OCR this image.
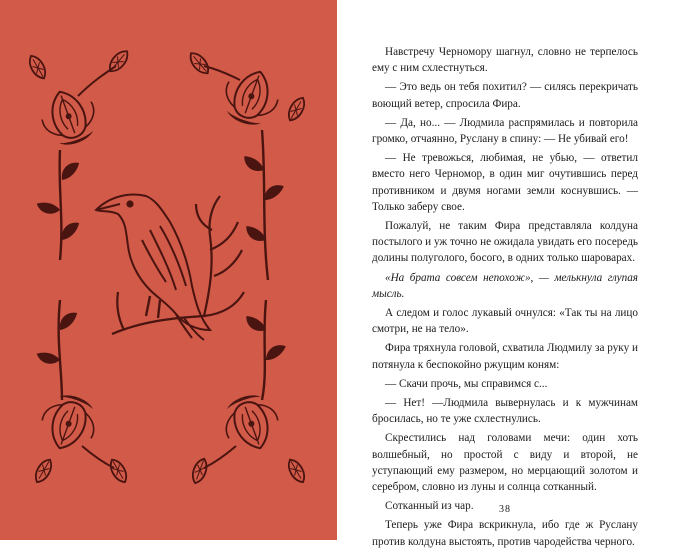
Навстречу Черномору шагнул, словно не терпелось ему с ним схлестнуться.

— Это ведь он тебя похитил? — силясь перекричать воющий ветер, спросила Фира.

— Да, но... — Людмила распрямилась и повторила громко, отчаянно, Руслану в спину: — Не убивай его!

— Не тревожься, любимая, не убью, — ответил вместо него Черномор, в один миг очутившись перед противником и двумя ногами земли коснувшись. — Только заберу свое.

Пожалуй, не таким Фира представляла колдуна постылого и уж точно не ожидала увидать его посередь долины полуголого, босого, в одних только шароварах.

«На брата совсем непохож», — мелькнула глупая мысль.

А следом и голос лукавый очнулся: «Так ты на лицо смотри, не на тело».

Фира тряхнула головой, схватила Людмилу за руку и потянула к беспокойно ржущим коням:

— Скачи прочь, мы справимся с...

— Нет! —Людмила вывернулась и к мужчинам бросилась, но те уже схлестнулись.

Скрестились над головами мечи: один хоть волшебный, но простой с виду и второй, не уступающий ему размером, но мерцающий золотом и серебром, словно из луны и солнца сотканный.

Сотканный из чар.

Теперь уже Фира вскрикнула, ибо где ж Руслану против колдуна выстоять, против чародейства черного.

38
